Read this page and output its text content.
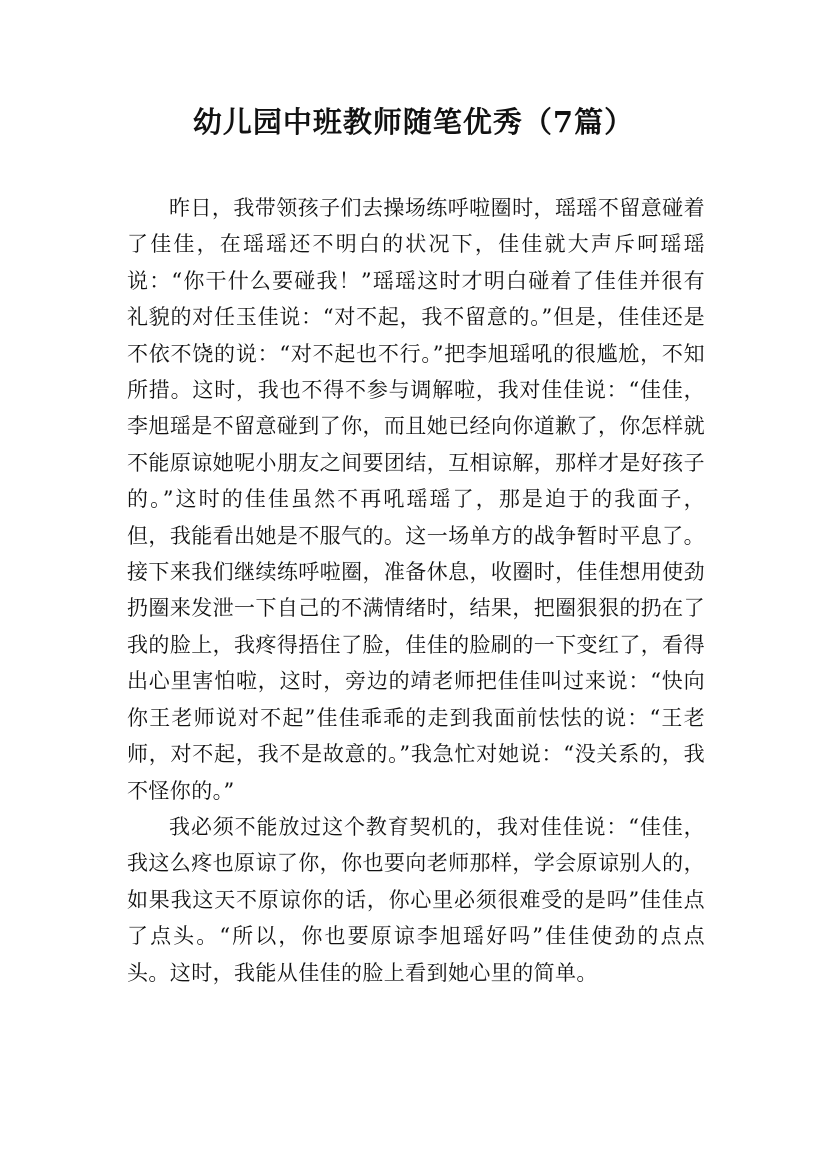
幼儿园中班教师随笔优秀（7篇）

昨日，我带领孩子们去操场练呼啦圈时，瑶瑶不留意碰着了佳佳，在瑶瑶还不明白的状况下，佳佳就大声斥呵瑶瑶说：“你干什么要碰我！”瑶瑶这时才明白碰着了佳佳并很有礼貌的对任玉佳说：“对不起，我不留意的。”但是，佳佳还是不依不饶的说：“对不起也不行。”把李旭瑶吼的很尴尬，不知所措。这时，我也不得不参与调解啦，我对佳佳说：“佳佳，李旭瑶是不留意碰到了你，而且她已经向你道歉了，你怎样就不能原谅她呢小朋友之间要团结，互相谅解，那样才是好孩子的。”这时的佳佳虽然不再吼瑶瑶了，那是迫于的我面子，但，我能看出她是不服气的。这一场单方的战争暂时平息了。接下来我们继续练呼啦圈，准备休息，收圈时，佳佳想用使劲扔圈来发泄一下自己的不满情绪时，结果，把圈狠狠的扔在了我的脸上，我疼得捂住了脸，佳佳的脸刷的一下变红了，看得出心里害怕啦，这时，旁边的靖老师把佳佳叫过来说：“快向你王老师说对不起”佳佳乖乖的走到我面前怯怯的说：“王老师，对不起，我不是故意的。”我急忙对她说：“没关系的，我不怪你的。”

我必须不能放过这个教育契机的，我对佳佳说：“佳佳，我这么疼也原谅了你，你也要向老师那样，学会原谅别人的，如果我这天不原谅你的话，你心里必须很难受的是吗”佳佳点了点头。“所以，你也要原谅李旭瑶好吗”佳佳使劲的点点头。这时，我能从佳佳的脸上看到她心里的简单。
